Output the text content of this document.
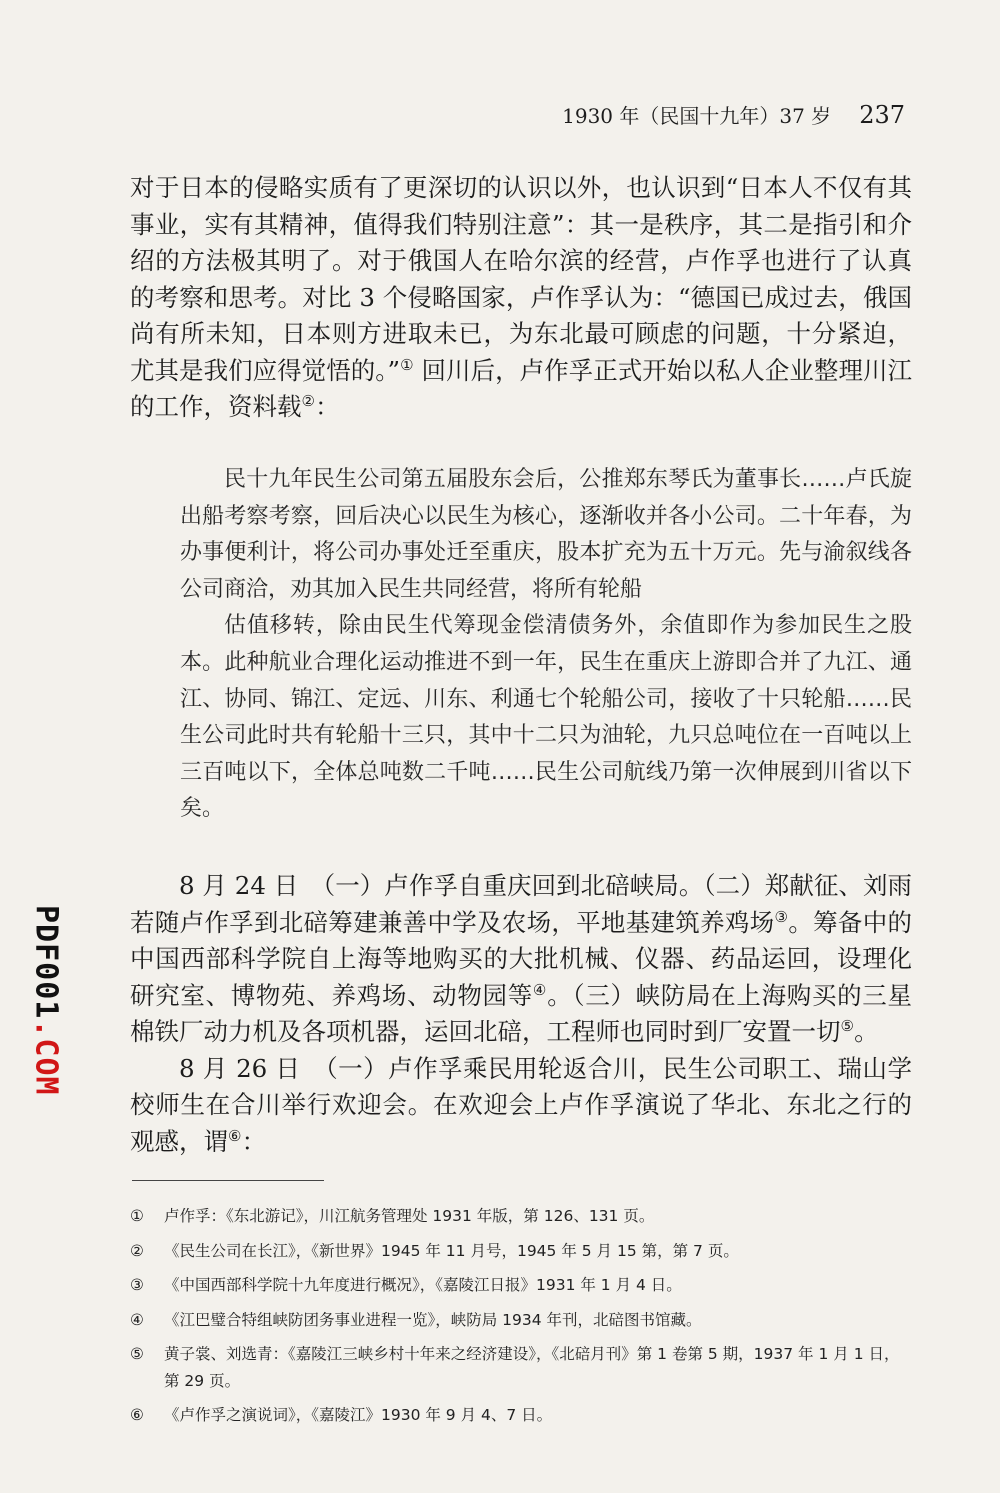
1930 年（民国十九年）37 岁 237

对于日本的侵略实质有了更深切的认识以外，也认识到“日本人不仅有其事业，实有其精神，值得我们特别注意”：其一是秩序，其二是指引和介绍的方法极其明了。对于俄国人在哈尔滨的经营，卢作孚也进行了认真的考察和思考。对比 3 个侵略国家，卢作孚认为：“德国已成过去，俄国尚有所未知，日本则方进取未已，为东北最可顾虑的问题，十分紧迫，尤其是我们应得觉悟的。”① 回川后，卢作孚正式开始以私人企业整理川江的工作，资料载②：

民十九年民生公司第五届股东会后，公推郑东琴氏为董事长……卢氏旋出船考察考察，回后决心以民生为核心，逐渐收并各小公司。二十年春，为办事便利计，将公司办事处迁至重庆，股本扩充为五十万元。先与渝叙线各公司商洽，劝其加入民生共同经营，将所有轮船

估值移转，除由民生代筹现金偿清债务外，余值即作为参加民生之股本。此种航业合理化运动推进不到一年，民生在重庆上游即合并了九江、通江、协同、锦江、定远、川东、利通七个轮船公司，接收了十只轮船……民生公司此时共有轮船十三只，其中十二只为油轮，九只总吨位在一百吨以上三百吨以下，全体总吨数二千吨……民生公司航线乃第一次伸展到川省以下矣。

8 月 24 日　（一）卢作孚自重庆回到北碚峡局。（二）郑献征、刘雨若随卢作孚到北碚筹建兼善中学及农场，平地基建筑养鸡场③。筹备中的中国西部科学院自上海等地购买的大批机械、仪器、药品运回，设理化研究室、博物苑、养鸡场、动物园等④。（三）峡防局在上海购买的三星棉铁厂动力机及各项机器，运回北碚，工程师也同时到厂安置一切⑤。

8 月 26 日　（一）卢作孚乘民用轮返合川，民生公司职工、瑞山学校师生在合川举行欢迎会。在欢迎会上卢作孚演说了华北、东北之行的观感，谓⑥：

①	卢作孚：《东北游记》，川江航务管理处 1931 年版，第 126、131 页。
②	《民生公司在长江》，《新世界》1945 年 11 月号，1945 年 5 月 15 第，第 7 页。
③	《中国西部科学院十九年度进行概况》，《嘉陵江日报》1931 年 1 月 4 日。
④	《江巴璧合特组峡防团务事业进程一览》，峡防局 1934 年刊，北碚图书馆藏。
⑤	黄子裳、刘选青：《嘉陵江三峡乡村十年来之经济建设》，《北碚月刊》第 1 卷第 5 期，1937 年 1 月 1 日，第 29 页。
⑥	《卢作孚之演说词》，《嘉陵江》1930 年 9 月 4、7 日。
PDF001.COM
